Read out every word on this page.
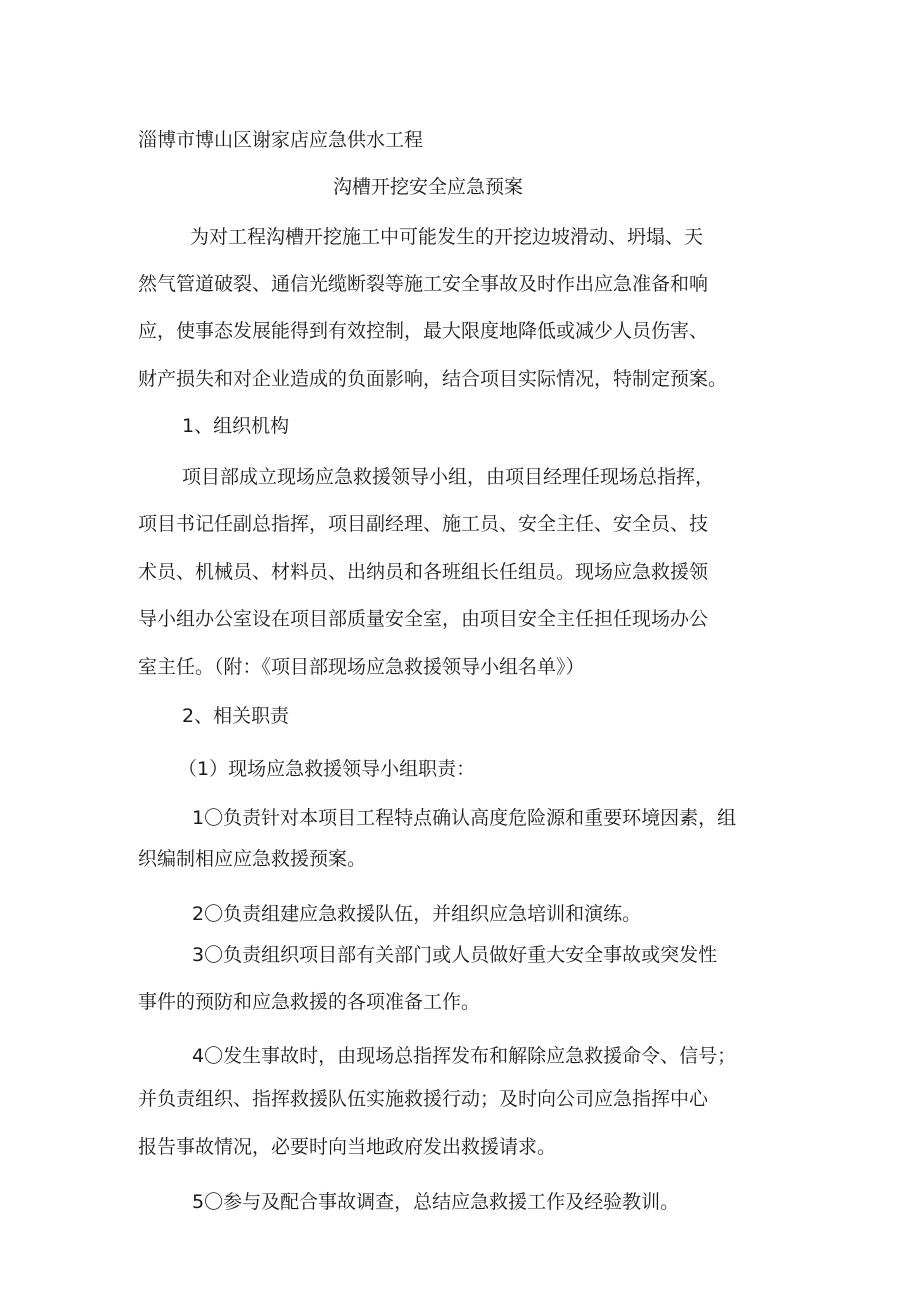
淄博市博山区谢家店应急供水工程
沟槽开挖安全应急预案
为对工程沟槽开挖施工中可能发生的开挖边坡滑动、坍塌、天
然气管道破裂、通信光缆断裂等施工安全事故及时作出应急准备和响
应，使事态发展能得到有效控制，最大限度地降低或减少人员伤害、
财产损失和对企业造成的负面影响，结合项目实际情况，特制定预案。
1、组织机构
项目部成立现场应急救援领导小组，由项目经理任现场总指挥，
项目书记任副总指挥，项目副经理、施工员、安全主任、安全员、技
术员、机械员、材料员、出纳员和各班组长任组员。现场应急救援领
导小组办公室设在项目部质量安全室，由项目安全主任担任现场办公
室主任。（附：《项目部现场应急救援领导小组名单》）
2、相关职责
（1）现场应急救援领导小组职责：
1〇负责针对本项目工程特点确认高度危险源和重要环境因素，组
织编制相应应急救援预案。
2〇负责组建应急救援队伍，并组织应急培训和演练。
3〇负责组织项目部有关部门或人员做好重大安全事故或突发性
事件的预防和应急救援的各项准备工作。
4〇发生事故时，由现场总指挥发布和解除应急救援命令、信号；
并负责组织、指挥救援队伍实施救援行动；及时向公司应急指挥中心
报告事故情况，必要时向当地政府发出救援请求。
5〇参与及配合事故调查，总结应急救援工作及经验教训。
